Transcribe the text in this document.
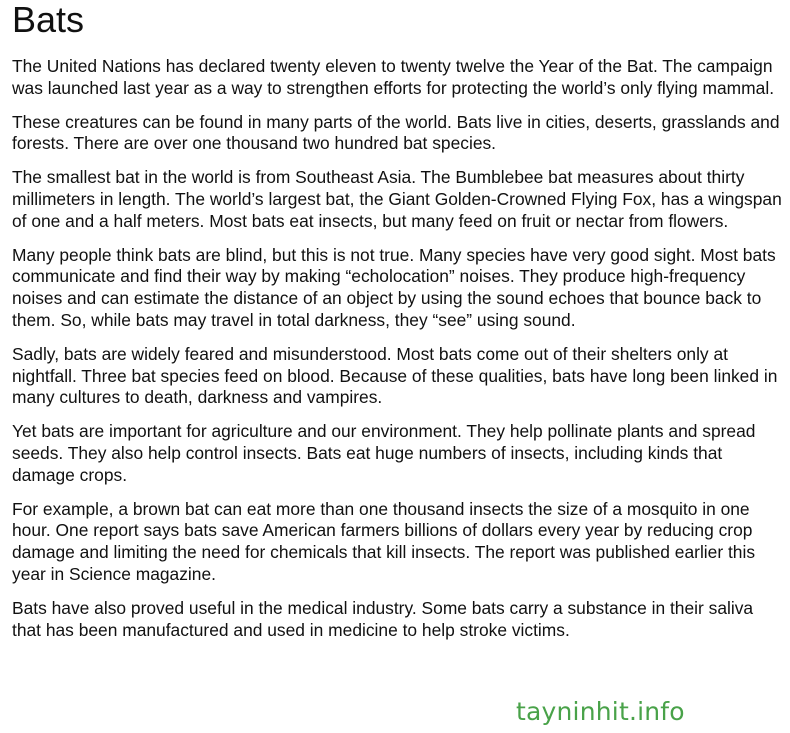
Bats

The United Nations has declared twenty eleven to twenty twelve the Year of the Bat. The campaign was launched last year as a way to strengthen efforts for protecting the world’s only flying mammal.

These creatures can be found in many parts of the world. Bats live in cities, deserts, grasslands and forests. There are over one thousand two hundred bat species.

The smallest bat in the world is from Southeast Asia. The Bumblebee bat measures about thirty millimeters in length. The world’s largest bat, the Giant Golden-Crowned Flying Fox, has a wingspan of one and a half meters. Most bats eat insects, but many feed on fruit or nectar from flowers.

Many people think bats are blind, but this is not true. Many species have very good sight. Most bats communicate and find their way by making “echolocation” noises. They produce high-frequency noises and can estimate the distance of an object by using the sound echoes that bounce back to them. So, while bats may travel in total darkness, they “see” using sound.

Sadly, bats are widely feared and misunderstood. Most bats come out of their shelters only at nightfall. Three bat species feed on blood. Because of these qualities, bats have long been linked in many cultures to death, darkness and vampires.

Yet bats are important for agriculture and our environment. They help pollinate plants and spread seeds. They also help control insects. Bats eat huge numbers of insects, including kinds that damage crops.

For example, a brown bat can eat more than one thousand insects the size of a mosquito in one hour. One report says bats save American farmers billions of dollars every year by reducing crop damage and limiting the need for chemicals that kill insects. The report was published earlier this year in Science magazine.

Bats have also proved useful in the medical industry. Some bats carry a substance in their saliva that has been manufactured and used in medicine to help stroke victims.

tayninhit.info
